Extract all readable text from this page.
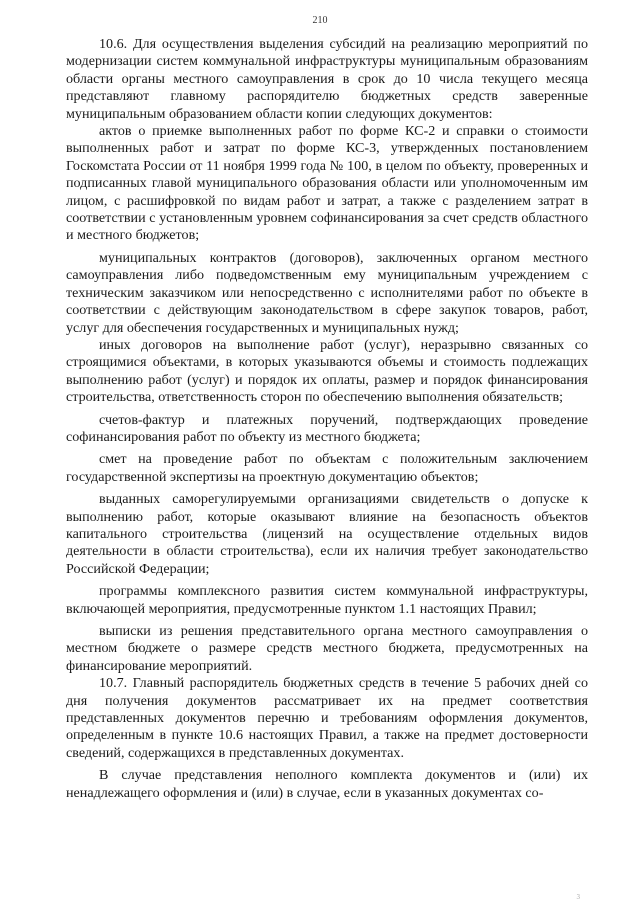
210

10.6. Для осуществления выделения субсидий на реализацию мероприятий по модернизации систем коммунальной инфраструктуры муниципальным образованиям области органы местного самоуправления в срок до 10 числа текущего месяца представляют главному распорядителю бюджетных средств заверенные муниципальным образованием области копии следующих документов:

актов о приемке выполненных работ по форме КС-2 и справки о стоимости выполненных работ и затрат по форме КС-3, утвержденных постановлением Госкомстата России от 11 ноября 1999 года № 100, в целом по объекту, проверенных и подписанных главой муниципального образования области или уполномоченным им лицом, с расшифровкой по видам работ и затрат, а также с разделением затрат в соответствии с установленным уровнем софинансирования за счет средств областного и местного бюджетов;

муниципальных контрактов (договоров), заключенных органом местного самоуправления либо подведомственным ему муниципальным учреждением с техническим заказчиком или непосредственно с исполнителями работ по объекте в соответствии с действующим законодательством в сфере закупок товаров, работ, услуг для обеспечения государственных и муниципальных нужд;

иных договоров на выполнение работ (услуг), неразрывно связанных со строящимися объектами, в которых указываются объемы и стоимость подлежащих выполнению работ (услуг) и порядок их оплаты, размер и порядок финансирования строительства, ответственность сторон по обеспечению выполнения обязательств;

счетов-фактур и платежных поручений, подтверждающих проведение софинансирования работ по объекту из местного бюджета;

смет на проведение работ по объектам с положительным заключением государственной экспертизы на проектную документацию объектов;

выданных саморегулируемыми организациями свидетельств о допуске к выполнению работ, которые оказывают влияние на безопасность объектов капитального строительства (лицензий на осуществление отдельных видов деятельности в области строительства), если их наличия требует законодательство Российской Федерации;

программы комплексного развития систем коммунальной инфраструктуры, включающей мероприятия, предусмотренные пунктом 1.1 настоящих Правил;

выписки из решения представительного органа местного самоуправления о местном бюджете о размере средств местного бюджета, предусмотренных на финансирование мероприятий.

10.7. Главный распорядитель бюджетных средств в течение 5 рабочих дней со дня получения документов рассматривает их на предмет соответствия представленных документов перечню и требованиям оформления документов, определенным в пункте 10.6 настоящих Правил, а также на предмет достоверности сведений, содержащихся в представленных документах.

В случае представления неполного комплекта документов и (или) их ненадлежащего оформления и (или) в случае, если в указанных документах со-

3
